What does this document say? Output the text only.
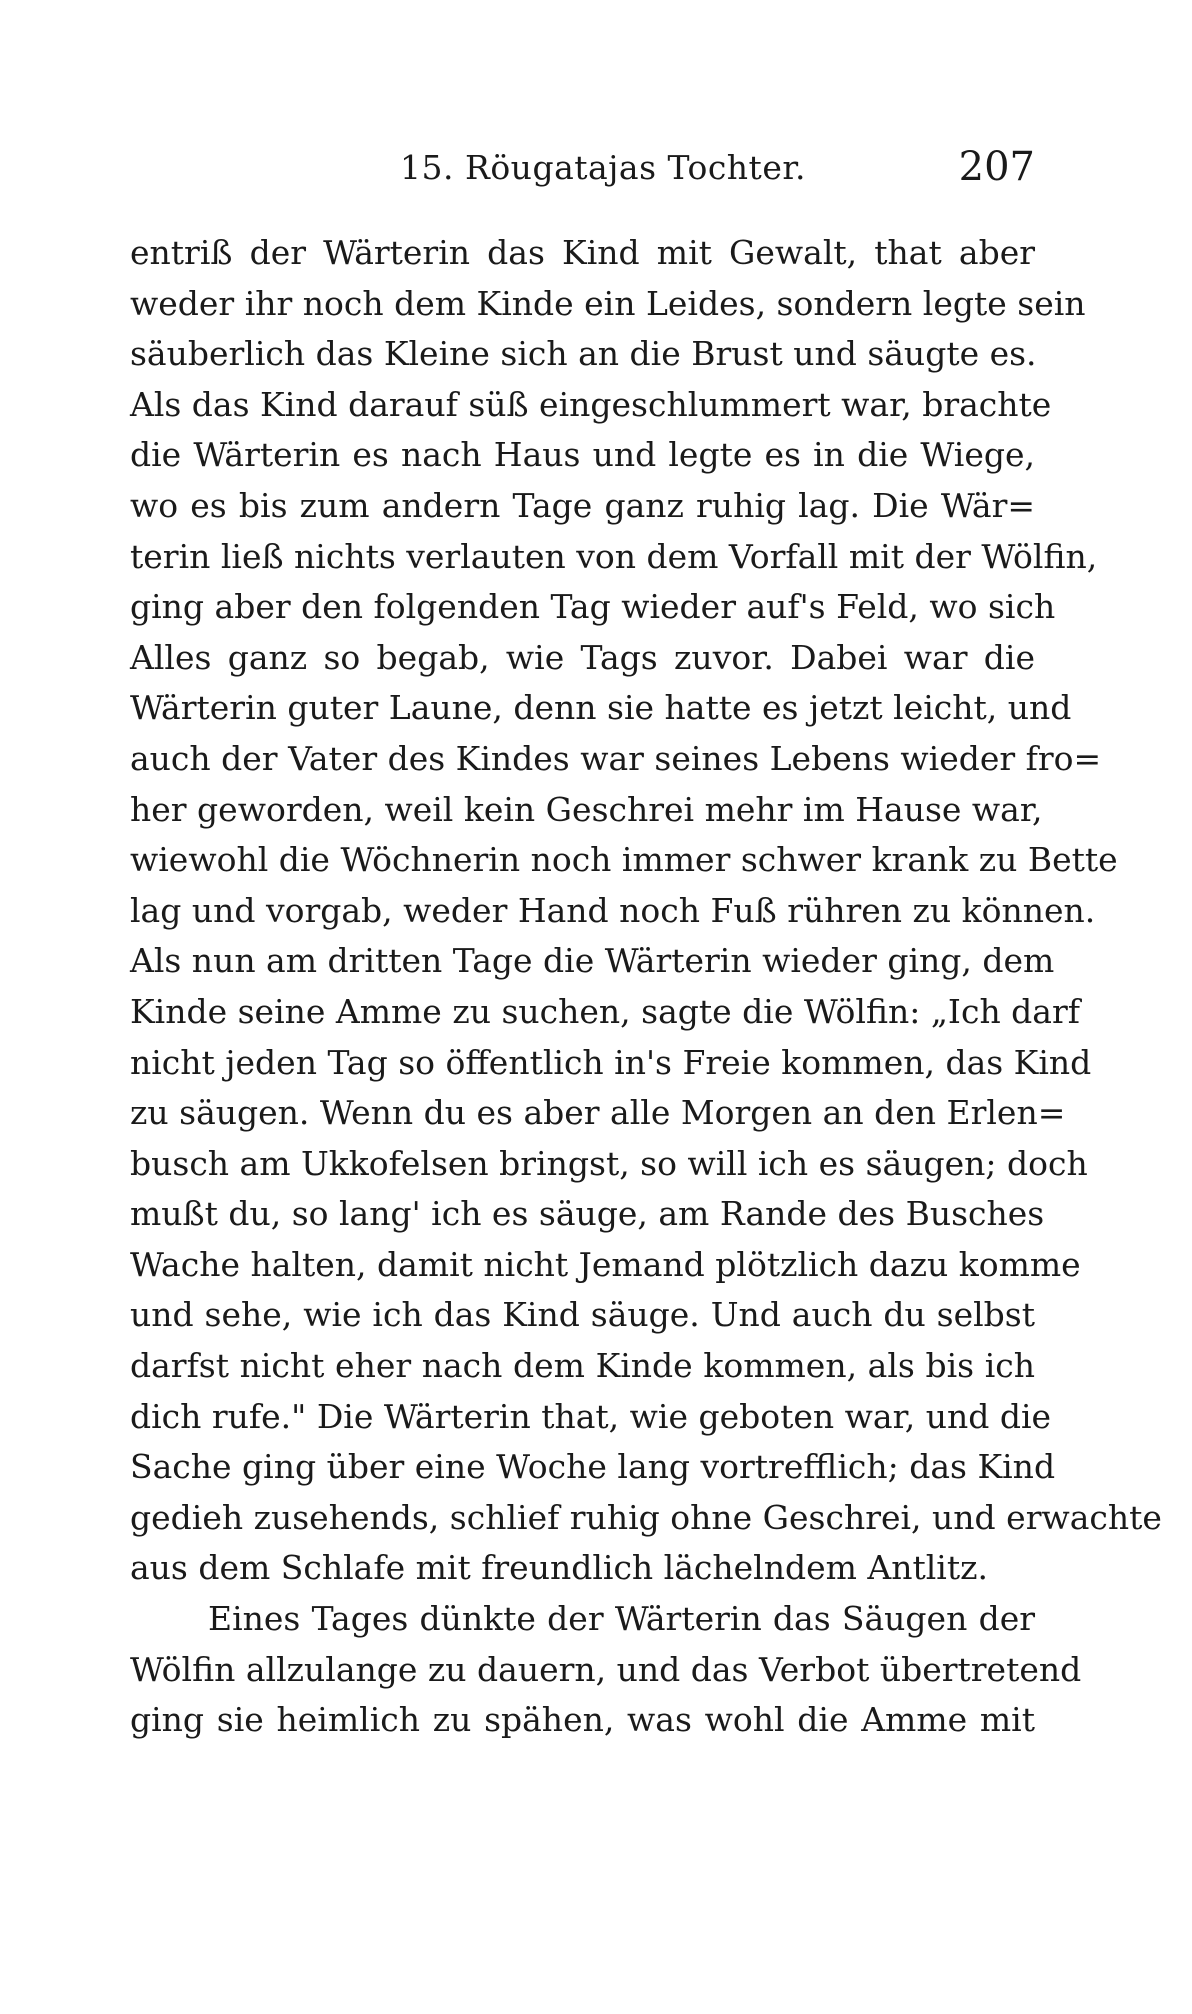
15. Röugatajas Tochter.	207
entriß der Wärterin das Kind mit Gewalt, that aber
weder ihr noch dem Kinde ein Leides, sondern legte sein
säuberlich das Kleine sich an die Brust und säugte es.
Als das Kind darauf süß eingeschlummert war, brachte
die Wärterin es nach Haus und legte es in die Wiege,
wo es bis zum andern Tage ganz ruhig lag. Die Wär=
terin ließ nichts verlauten von dem Vorfall mit der Wölfin,
ging aber den folgenden Tag wieder auf's Feld, wo sich
Alles ganz so begab, wie Tags zuvor. Dabei war die
Wärterin guter Laune, denn sie hatte es jetzt leicht, und
auch der Vater des Kindes war seines Lebens wieder fro=
her geworden, weil kein Geschrei mehr im Hause war,
wiewohl die Wöchnerin noch immer schwer krank zu Bette
lag und vorgab, weder Hand noch Fuß rühren zu können.
Als nun am dritten Tage die Wärterin wieder ging, dem
Kinde seine Amme zu suchen, sagte die Wölfin: „Ich darf
nicht jeden Tag so öffentlich in's Freie kommen, das Kind
zu säugen. Wenn du es aber alle Morgen an den Erlen=
busch am Ukkofelsen bringst, so will ich es säugen; doch
mußt du, so lang' ich es säuge, am Rande des Busches
Wache halten, damit nicht Jemand plötzlich dazu komme
und sehe, wie ich das Kind säuge. Und auch du selbst
darfst nicht eher nach dem Kinde kommen, als bis ich
dich rufe." Die Wärterin that, wie geboten war, und die
Sache ging über eine Woche lang vortrefflich; das Kind
gedieh zusehends, schlief ruhig ohne Geschrei, und erwachte
aus dem Schlafe mit freundlich lächelndem Antlitz.
Eines Tages dünkte der Wärterin das Säugen der
Wölfin allzulange zu dauern, und das Verbot übertretend
ging sie heimlich zu spähen, was wohl die Amme mit
